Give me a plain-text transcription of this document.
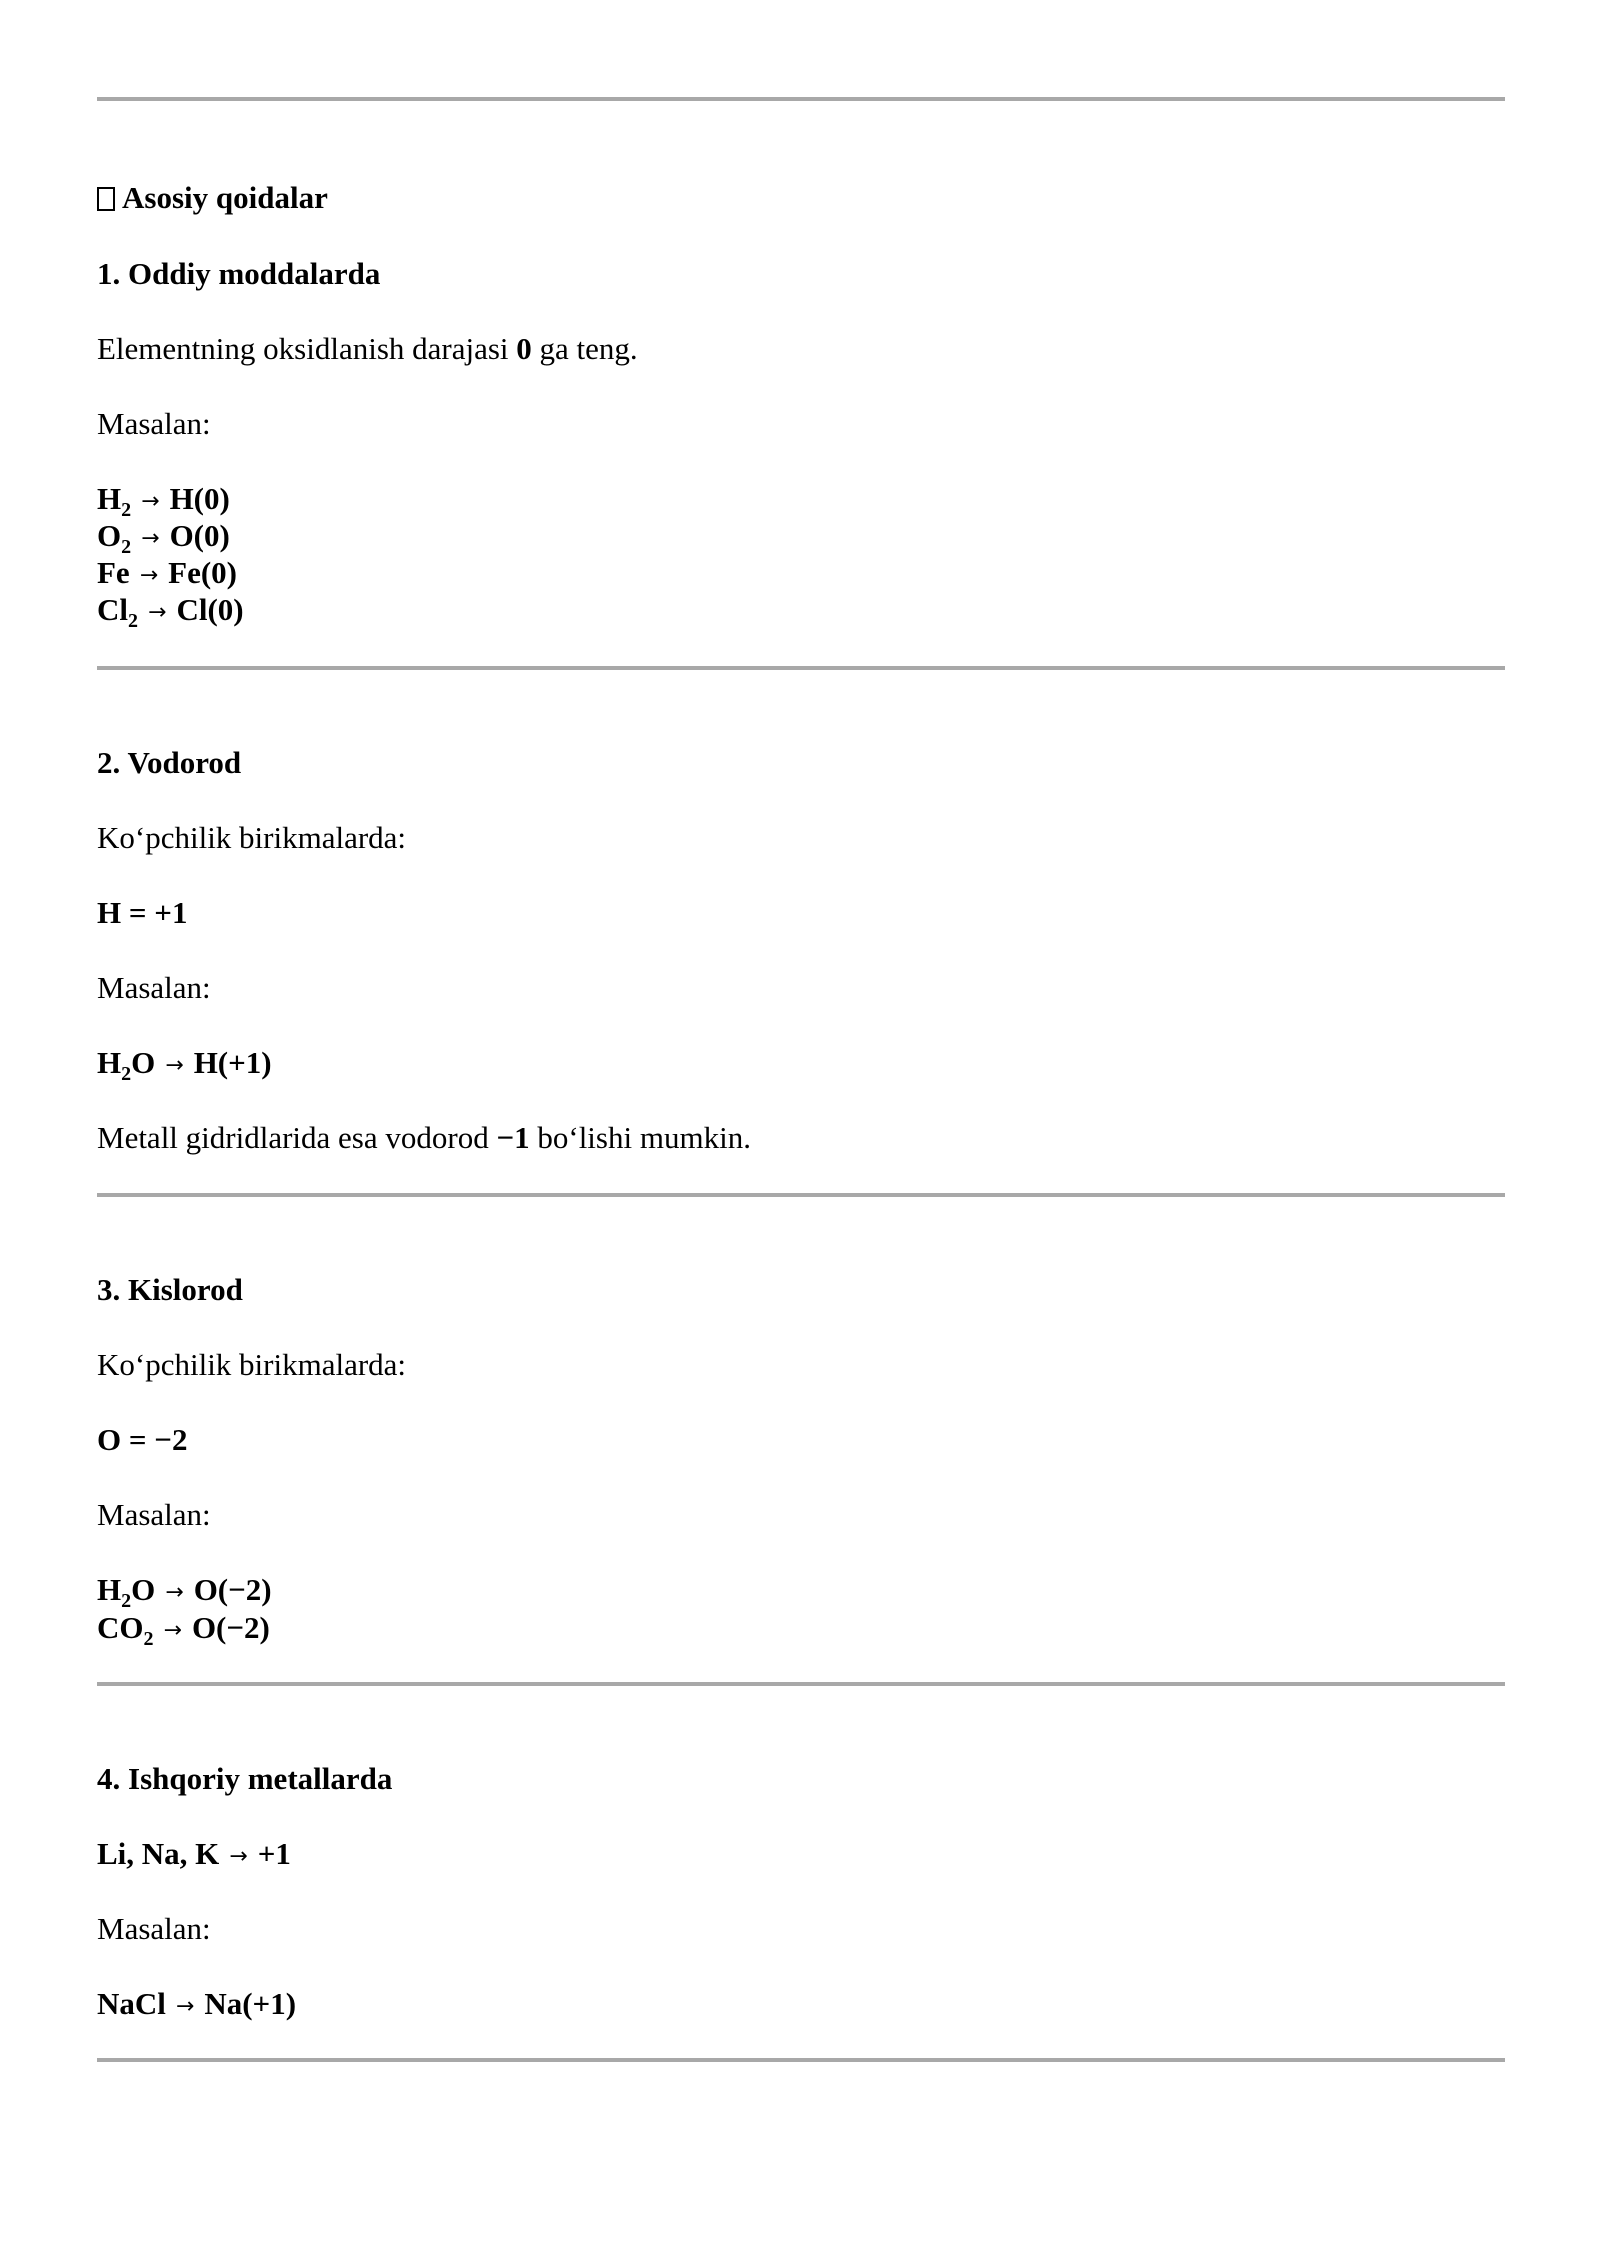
Asosiy qoidalar
1. Oddiy moddalarda
Elementning oksidlanish darajasi 0 ga teng.
Masalan:
$H_2 \to H(0)$
$O_2 \to O(0)$
Fe → Fe(0)
$Cl_2 \to Cl(0)$
2. Vodorod
Koʻpchilik birikmalarda:
H = +1
Masalan:
$H_2O \to H(+1)$
Metall gidridlarida esa vodorod −1 boʻlishi mumkin.
3. Kislorod
Koʻpchilik birikmalarda:
O = −2
Masalan:
$H_2O \to O(-2)$
$CO_2 \to O(-2)$
4. Ishqoriy metallarda
Li, Na, K → +1
Masalan:
NaCl → Na(+1)
